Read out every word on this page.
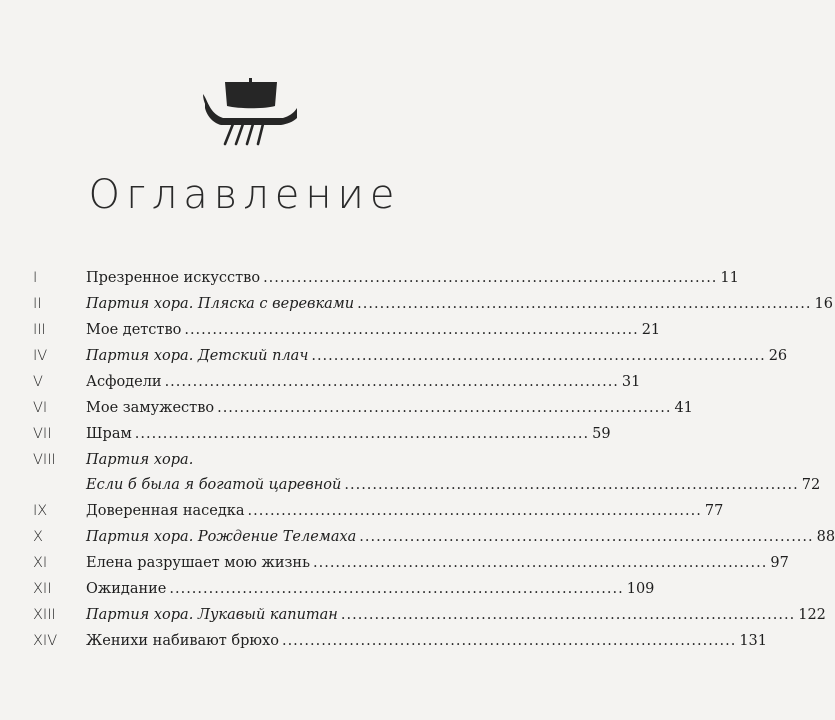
Оглавление
I	Презренное искусство ................................................................................. 11
II	Партия хора. Пляска с веревками ................................................................................. 16
III	Мое детство ................................................................................. 21
IV	Партия хора. Детский плач ................................................................................. 26
V	Асфодели ................................................................................. 31
VI	Мое замужество ................................................................................. 41
VII	Шрам ................................................................................. 59
VIII	Партия хора.
Если б была я богатой царевной ................................................................................. 72
IX	Доверенная наседка ................................................................................. 77
X	Партия хора. Рождение Телемаха ................................................................................. 88
XI	Елена разрушает мою жизнь ................................................................................. 97
XII	Ожидание ................................................................................. 109
XIII	Партия хора. Лукавый капитан ................................................................................. 122
XIV	Женихи набивают брюхо ................................................................................. 131
